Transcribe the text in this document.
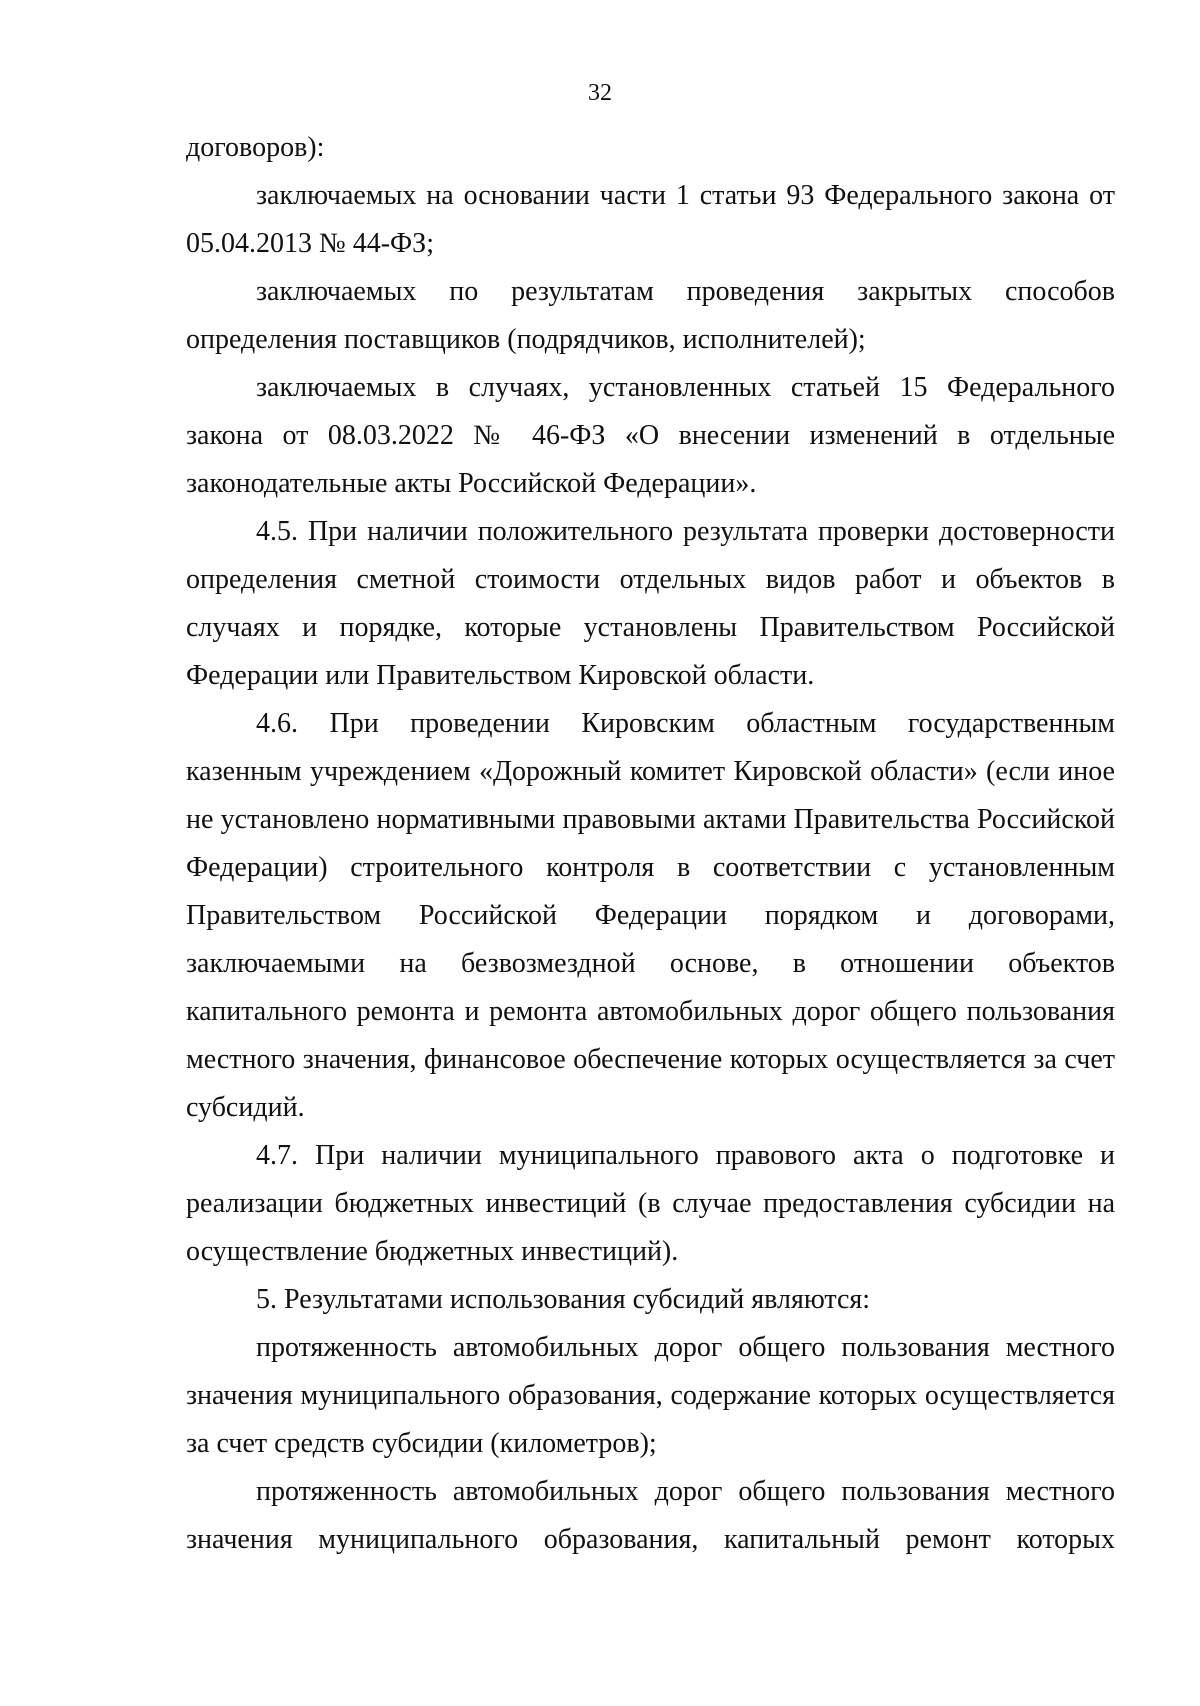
32

договоров):

заключаемых на основании части 1 статьи 93 Федерального закона от 05.04.2013 № 44-ФЗ;

заключаемых по результатам проведения закрытых способов определения поставщиков (подрядчиков, исполнителей);

заключаемых в случаях, установленных статьей 15 Федерального закона от 08.03.2022 № 46-ФЗ «О внесении изменений в отдельные законодательные акты Российской Федерации».

4.5. При наличии положительного результата проверки достоверности определения сметной стоимости отдельных видов работ и объектов в случаях и порядке, которые установлены Правительством Российской Федерации или Правительством Кировской области.

4.6. При проведении Кировским областным государственным казенным учреждением «Дорожный комитет Кировской области» (если иное не установлено нормативными правовыми актами Правительства Российской Федерации) строительного контроля в соответствии с установленным Правительством Российской Федерации порядком и договорами, заключаемыми на безвозмездной основе, в отношении объектов капитального ремонта и ремонта автомобильных дорог общего пользования местного значения, финансовое обеспечение которых осуществляется за счет субсидий.

4.7. При наличии муниципального правового акта о подготовке и реализации бюджетных инвестиций (в случае предоставления субсидии на осуществление бюджетных инвестиций).

5. Результатами использования субсидий являются:

протяженность автомобильных дорог общего пользования местного значения муниципального образования, содержание которых осуществляется за счет средств субсидии (километров);

протяженность автомобильных дорог общего пользования местного значения муниципального образования, капитальный ремонт которых
